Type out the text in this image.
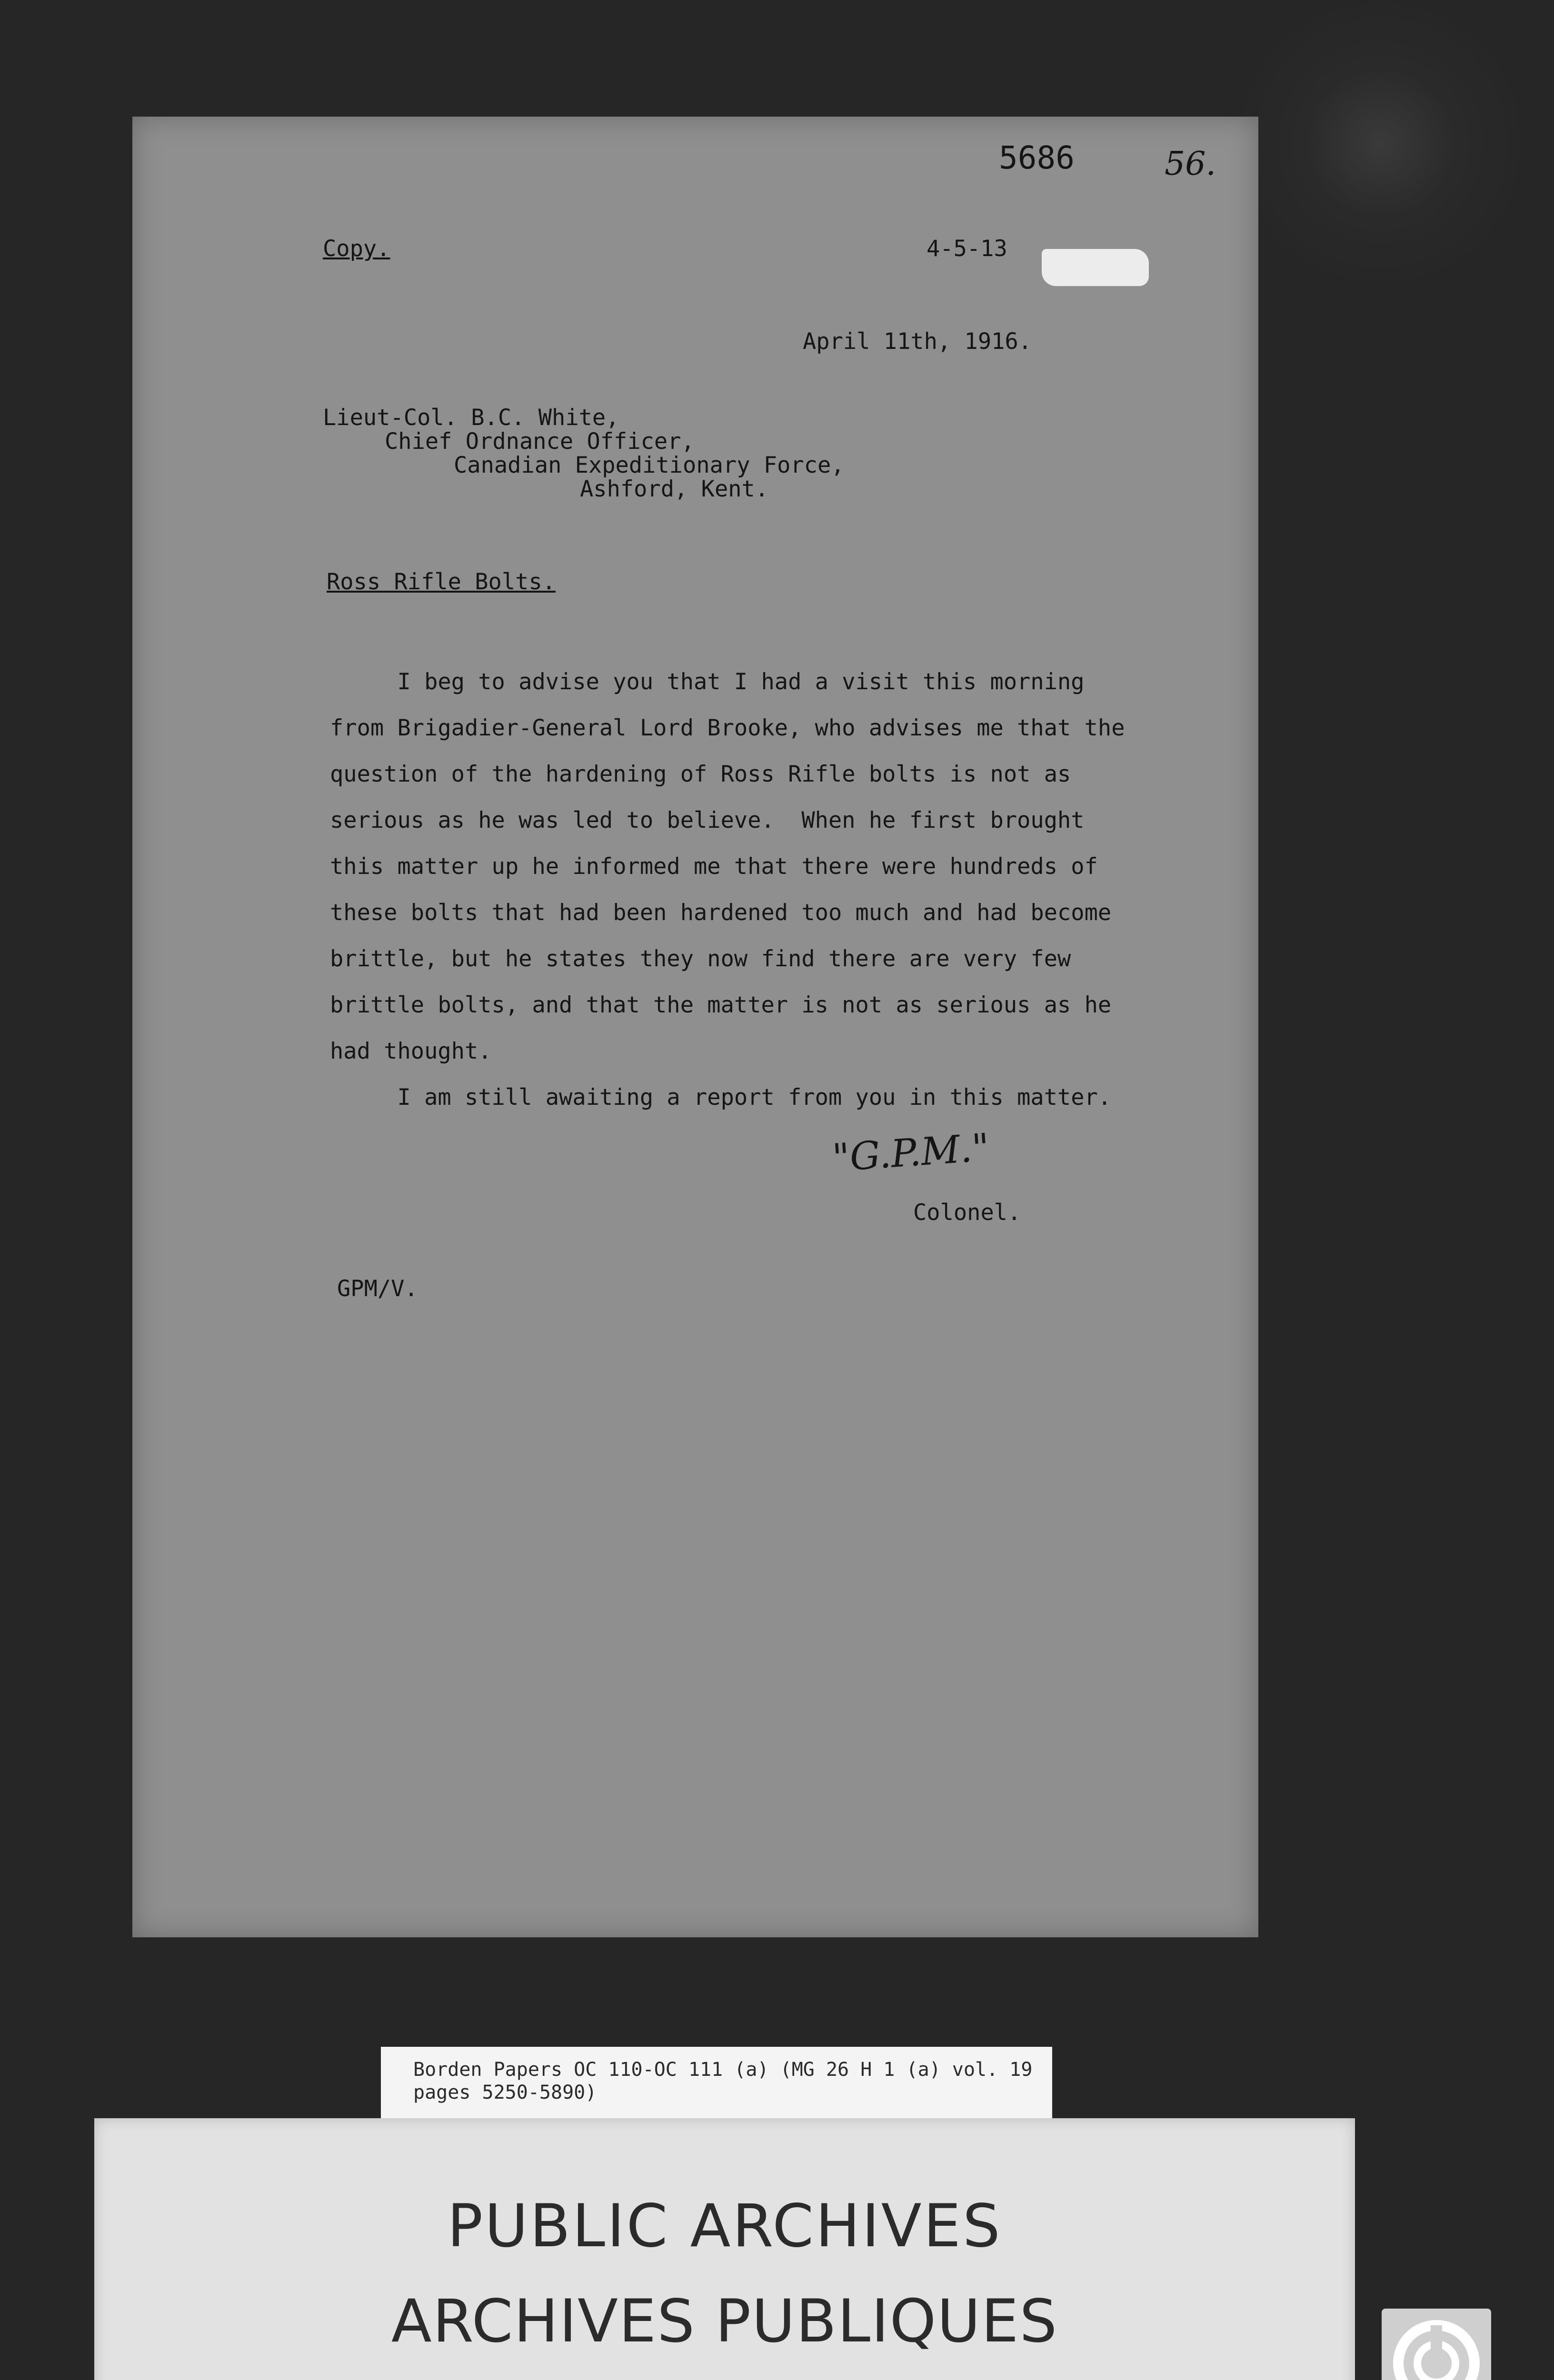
5686	56.

Copy.	4-5-13

April 11th, 1916.

Lieut-Col. B.C. White,

Chief Ordnance Officer,

Canadian Expeditionary Force,

Ashford, Kent.

Ross Rifle Bolts.

I beg to advise you that I had a visit this morning

from Brigadier-General Lord Brooke, who advises me that the

question of the hardening of Ross Rifle bolts is not as

serious as he was led to believe.  When he first brought

this matter up he informed me that there were hundreds of

these bolts that had been hardened too much and had become

brittle, but he states they now find there are very few

brittle bolts, and that the matter is not as serious as he

had thought.

I am still awaiting a report from you in this matter.

"G.P.M."

Colonel.

GPM/V.

Borden Papers OC 110-OC 111 (a) (MG 26 H 1 (a) vol. 19

pages 5250-5890)

PUBLIC ARCHIVES

ARCHIVES PUBLIQUES
